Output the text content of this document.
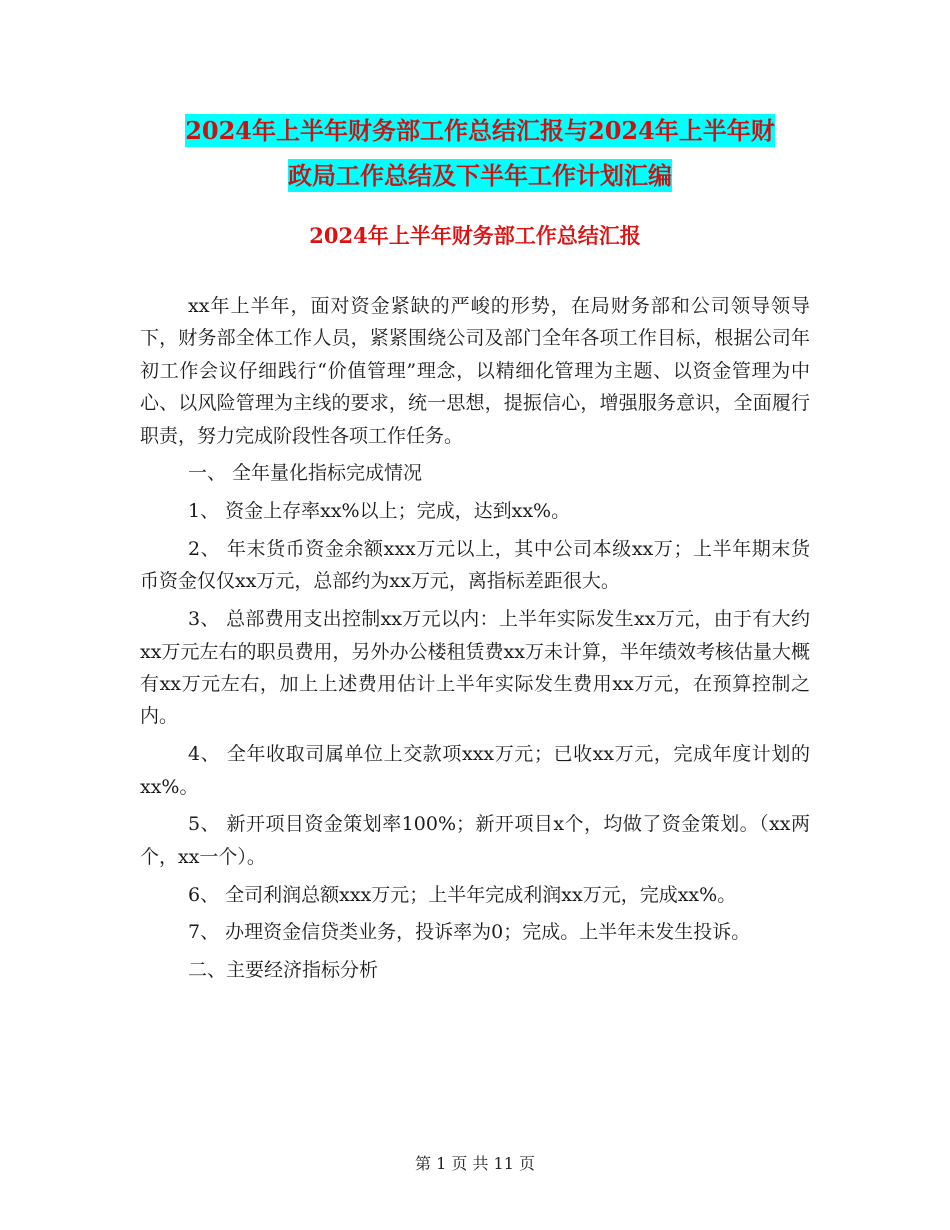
2024年上半年财务部工作总结汇报与2024年上半年财
政局工作总结及下半年工作计划汇编
2024年上半年财务部工作总结汇报

xx年上半年，面对资金紧缺的严峻的形势，在局财务部和公司领导领导下，财务部全体工作人员，紧紧围绕公司及部门全年各项工作目标，根据公司年初工作会议仔细践行“价值管理”理念，以精细化管理为主题、以资金管理为中心、以风险管理为主线的要求，统一思想，提振信心，增强服务意识，全面履行职责，努力完成阶段性各项工作任务。

一、 全年量化指标完成情况

1、 资金上存率xx%以上；完成，达到xx%。

2、 年末货币资金余额xxx万元以上，其中公司本级xx万；上半年期末货币资金仅仅xx万元，总部约为xx万元，离指标差距很大。

3、 总部费用支出控制xx万元以内：上半年实际发生xx万元，由于有大约xx万元左右的职员费用，另外办公楼租赁费xx万未计算，半年绩效考核估量大概有xx万元左右，加上上述费用估计上半年实际发生费用xx万元，在预算控制之内。

4、 全年收取司属单位上交款项xxx万元；已收xx万元，完成年度计划的xx%。

5、 新开项目资金策划率100%；新开项目x个，均做了资金策划。（xx两个，xx一个）。

6、 全司利润总额xxx万元；上半年完成利润xx万元，完成xx%。

7、 办理资金信贷类业务，投诉率为0；完成。上半年未发生投诉。

二、主要经济指标分析

第 1 页 共 11 页
